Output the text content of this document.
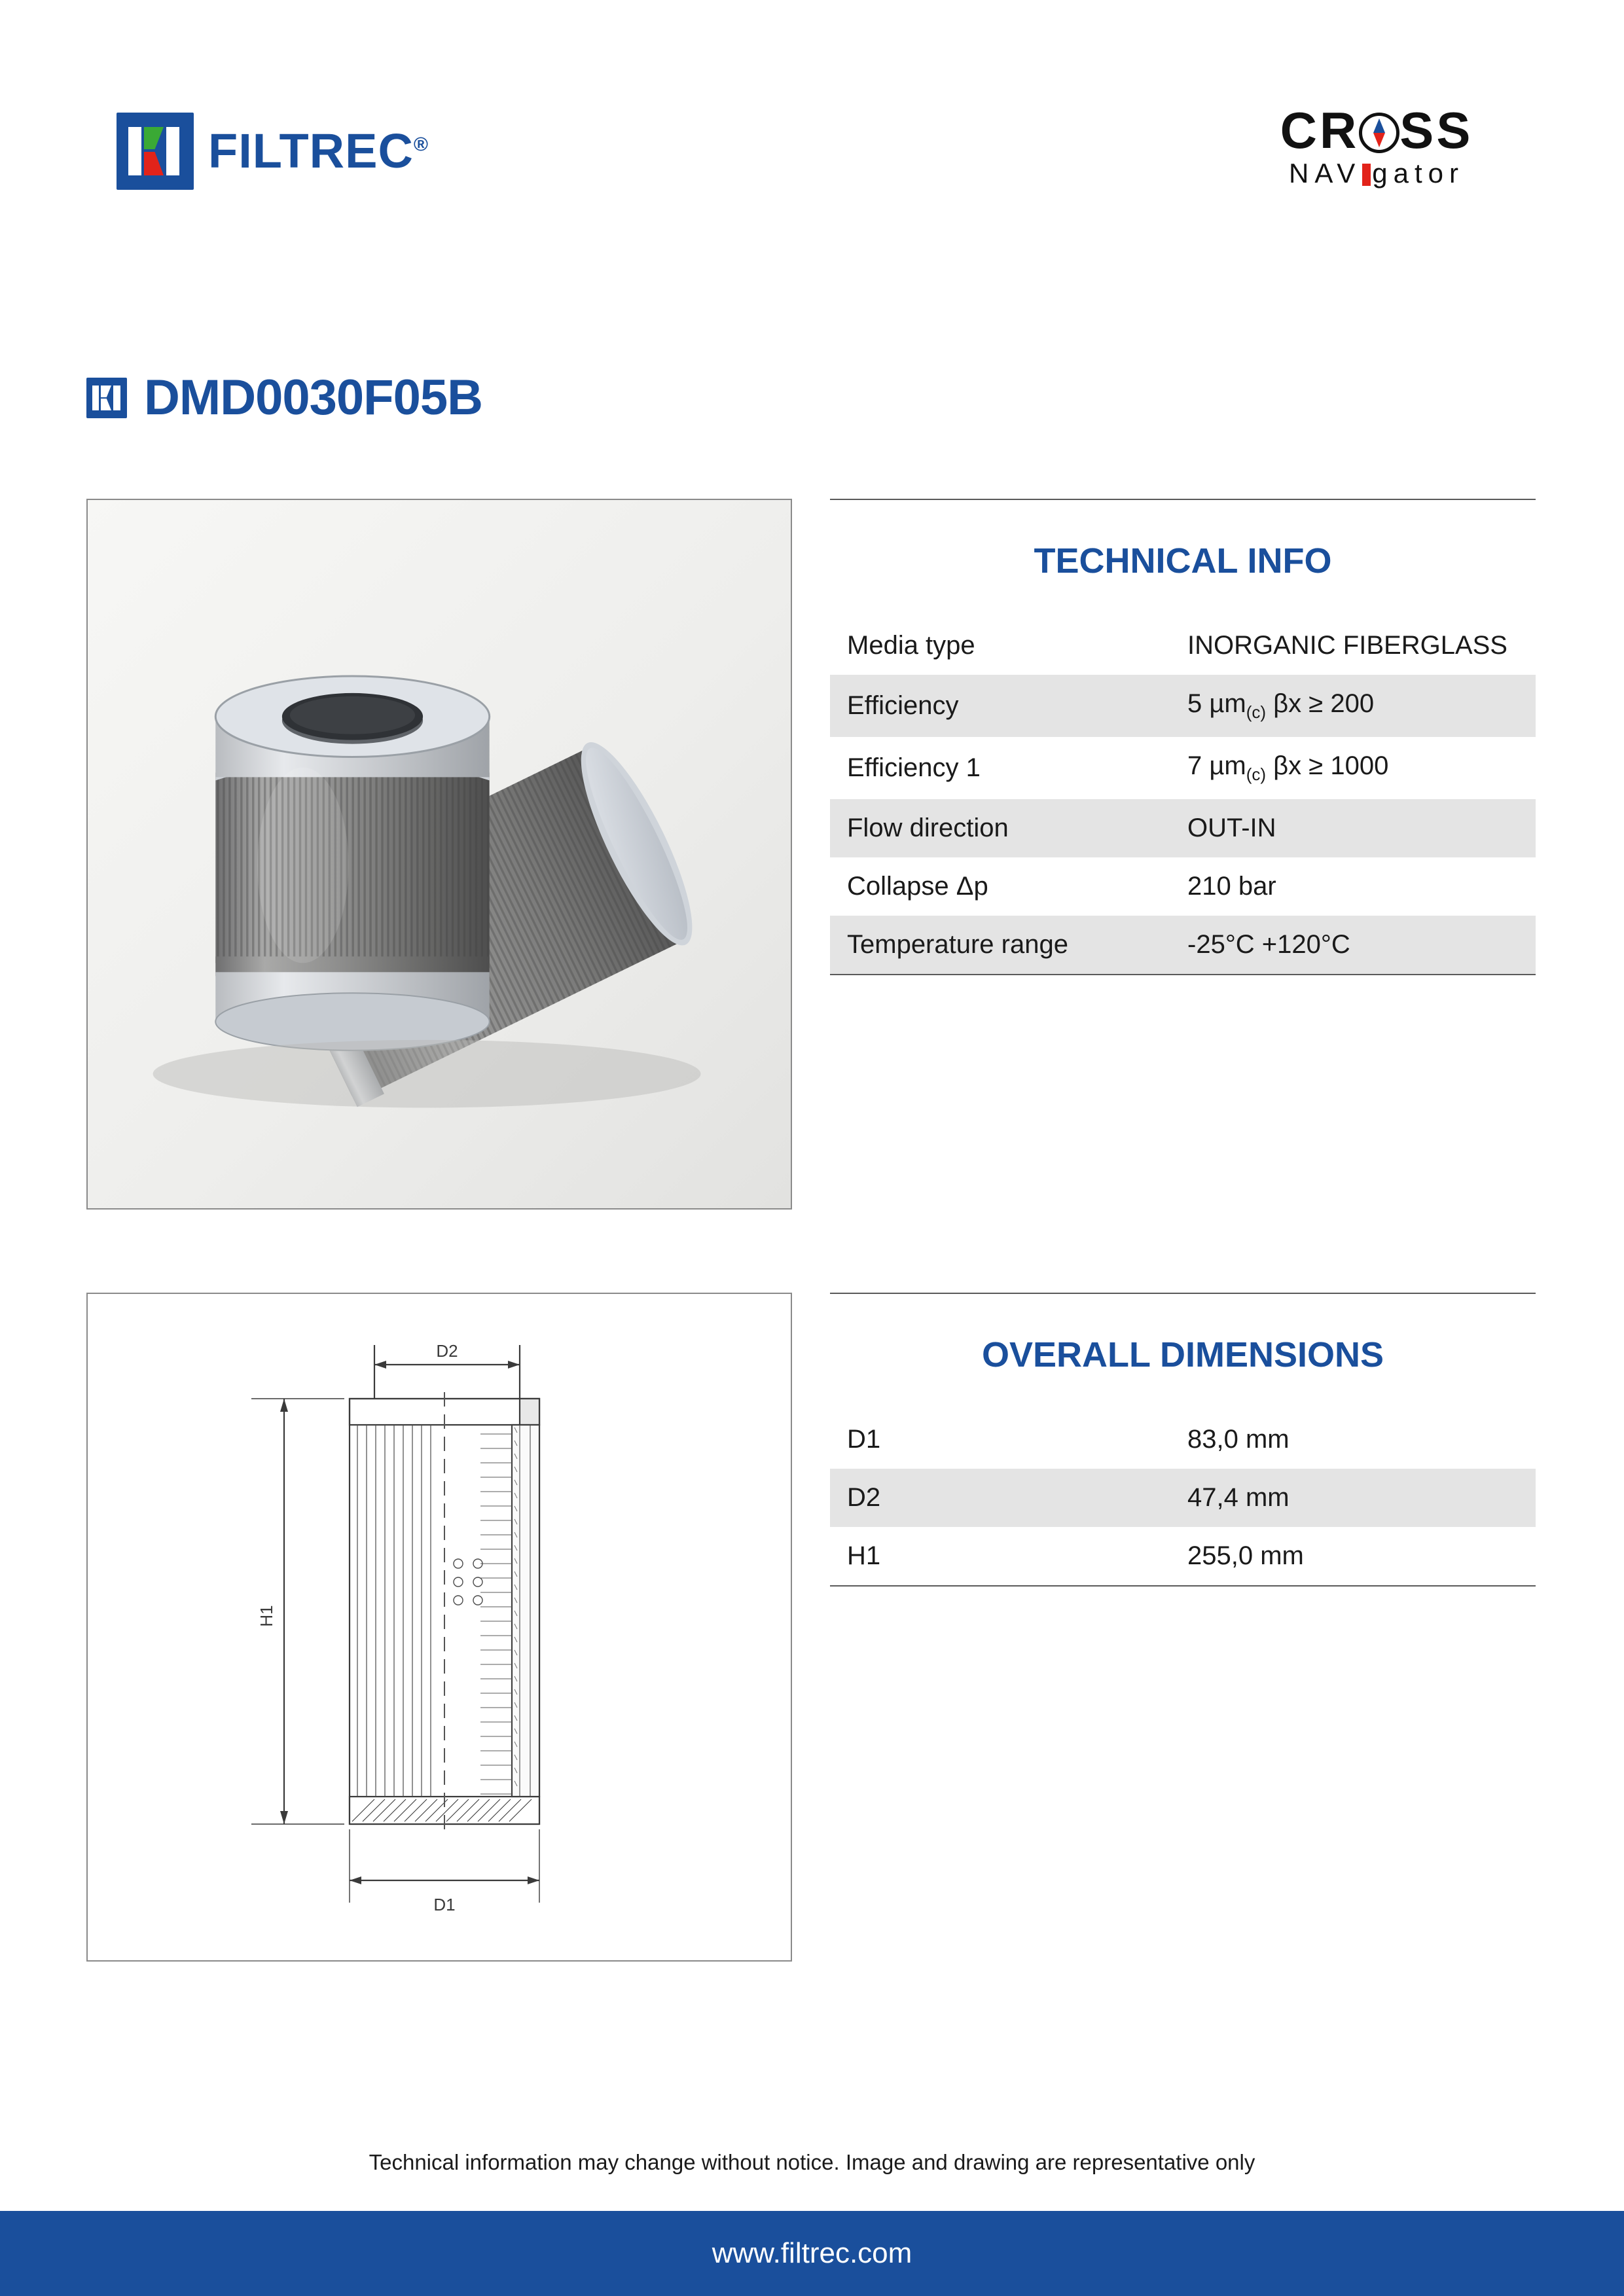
FILTREC®	CR SS
NAV gator
DMD0030F05B
D2
H1
D1
TECHNICAL INFO
Media type	INORGANIC FIBERGLASS
Efficiency	5 µm$_{(c)}$ βx ≥ 200
Efficiency 1	7 µm$_{(c)}$ βx ≥ 1000
Flow direction	OUT-IN
Collapse Δp	210 bar
Temperature range	-25°C +120°C
OVERALL DIMENSIONS
D1	83,0 mm
D2	47,4 mm
H1	255,0 mm
Technical information may change without notice. Image and drawing are representative only
www.filtrec.com
